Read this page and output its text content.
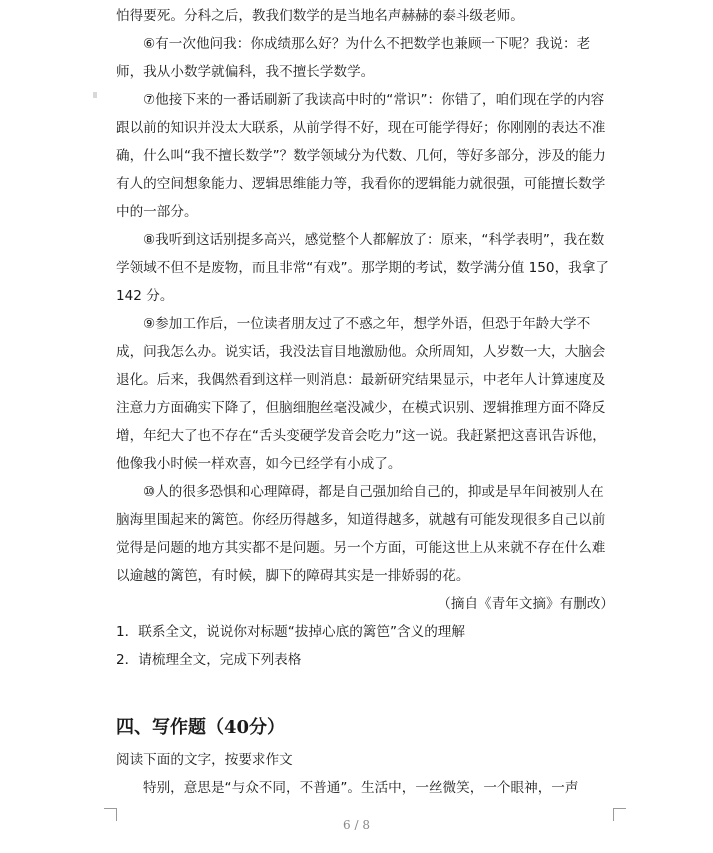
怕得要死。分科之后，教我们数学的是当地名声赫赫的泰斗级老师。

⑥有一次他问我：你成绩那么好？为什么不把数学也兼顾一下呢？我说：老师，我从小数学就偏科，我不擅长学数学。

⑦他接下来的一番话刷新了我读高中时的“常识”：你错了，咱们现在学的内容跟以前的知识并没太大联系，从前学得不好，现在可能学得好；你刚刚的表达不准确，什么叫“我不擅长数学”？数学领域分为代数、几何，等好多部分，涉及的能力有人的空间想象能力、逻辑思维能力等，我看你的逻辑能力就很强，可能擅长数学中的一部分。

⑧我听到这话别提多高兴，感觉整个人都解放了：原来，“科学表明”，我在数学领域不但不是废物，而且非常“有戏”。那学期的考试，数学满分值 150，我拿了 142 分。

⑨参加工作后，一位读者朋友过了不惑之年，想学外语，但恐于年龄大学不成，问我怎么办。说实话，我没法盲目地激励他。众所周知，人岁数一大，大脑会退化。后来，我偶然看到这样一则消息：最新研究结果显示，中老年人计算速度及注意力方面确实下降了，但脑细胞丝毫没减少，在模式识别、逻辑推理方面不降反增，年纪大了也不存在“舌头变硬学发音会吃力”这一说。我赶紧把这喜讯告诉他，他像我小时候一样欢喜，如今已经学有小成了。

⑩人的很多恐惧和心理障碍，都是自己强加给自己的，抑或是早年间被别人在脑海里围起来的篱笆。你经历得越多，知道得越多，就越有可能发现很多自己以前觉得是问题的地方其实都不是问题。另一个方面，可能这世上从来就不存在什么难以逾越的篱笆，有时候，脚下的障碍其实是一排娇弱的花。

（摘自《青年文摘》有删改）

1．联系全文，说说你对标题“拔掉心底的篱笆”含义的理解

2．请梳理全文，完成下列表格

四、写作题（40分）

阅读下面的文字，按要求作文

特别，意思是“与众不同，不普通”。生活中，一丝微笑，一个眼神，一声

6 / 8
